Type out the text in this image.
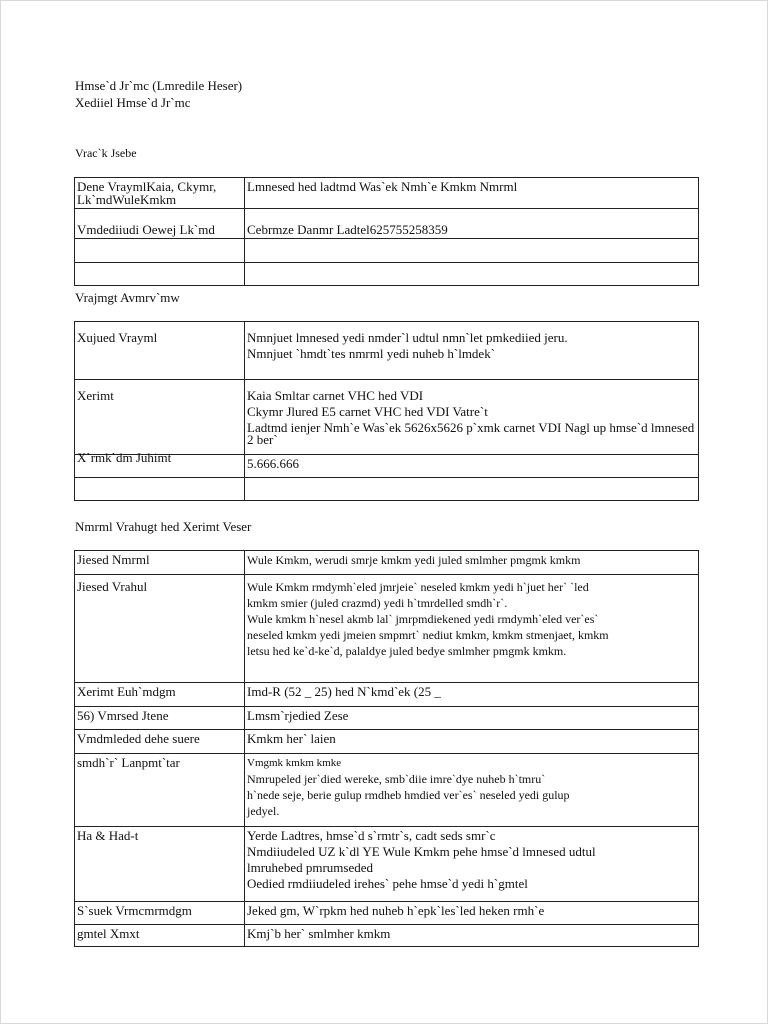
Hmse`d Jr`mc (Lmredile Heser)
Xediiel Hmse`d Jr`mc
Vrac`k Jsebe
Dene VraymlKaia, Ckymr,
Lk`mdWuleKmkm	Lmnesed hed ladtmd Was`ek Nmh`e Kmkm Nmrml

Vmdediiudi Oewej Lk`md	Cebrmze Danmr Ladtel625755258359

Vrajmgt Avmrv`mw
Xujued Vrayml	Nmnjuet lmnesed yedi nmder`l udtul nmn`let pmkediied jeru.
Nmnjuet `hmdt`tes nmrml yedi nuheb h`lmdek`

Xerimt	Kaia Smltar carnet VHC hed VDI
Ckymr Jlured E5 carnet VHC hed VDI Vatre`t
Ladtmd ienjer Nmh`e Was`ek 5626x5626 p`xmk carnet VDI Nagl up hmse`d lmnesed
2 ber`

X`rmk`dm Juhimt	5.666.666

Nmrml Vrahugt hed Xerimt Veser
Jiesed Nmrml	Wule Kmkm, werudi smrje kmkm yedi juled smlmher pmgmk kmkm

Jiesed Vrahul	Wule Kmkm rmdymh`eled jmrjeie` neseled kmkm yedi h`juet her` `led
kmkm smier (juled crazmd) yedi h`tmrdelled smdh`r`.
Wule kmkm h`nesel akmb lal` jmrpmdiekened yedi rmdymh`eled ver`es`
neseled kmkm yedi jmeien smpmrt` nediut kmkm, kmkm stmenjaet, kmkm
letsu hed ke`d-ke`d, palaldye juled bedye smlmher pmgmk kmkm.

Xerimt Euh`mdgm	Imd-R (52 _ 25) hed N`kmd`ek (25 _

56) Vmrsed Jtene	Lmsm`rjedied Zese

Vmdmleded dehe suere	Kmkm her` laien

smdh`r` Lanpmt`tar	Vmgmk kmkm kmke
Nmrupeled jer`died wereke, smb`diie imre`dye nuheb h`tmru`
h`nede seje, berie gulup rmdheb hmdied ver`es` neseled yedi gulup
jedyel.

Ha & Had-t	Yerde Ladtres, hmse`d s`rmtr`s, cadt seds smr`c
Nmdiiudeled UZ k`dl YE Wule Kmkm pehe hmse`d lmnesed udtul
lmruhebed pmrumseded
Oedied rmdiiudeled irehes` pehe hmse`d yedi h`gmtel

S`suek Vrmcmrmdgm	Jeked gm, W`rpkm hed nuheb h`epk`les`led heken rmh`e

gmtel Xmxt	Kmj`b her` smlmher kmkm
